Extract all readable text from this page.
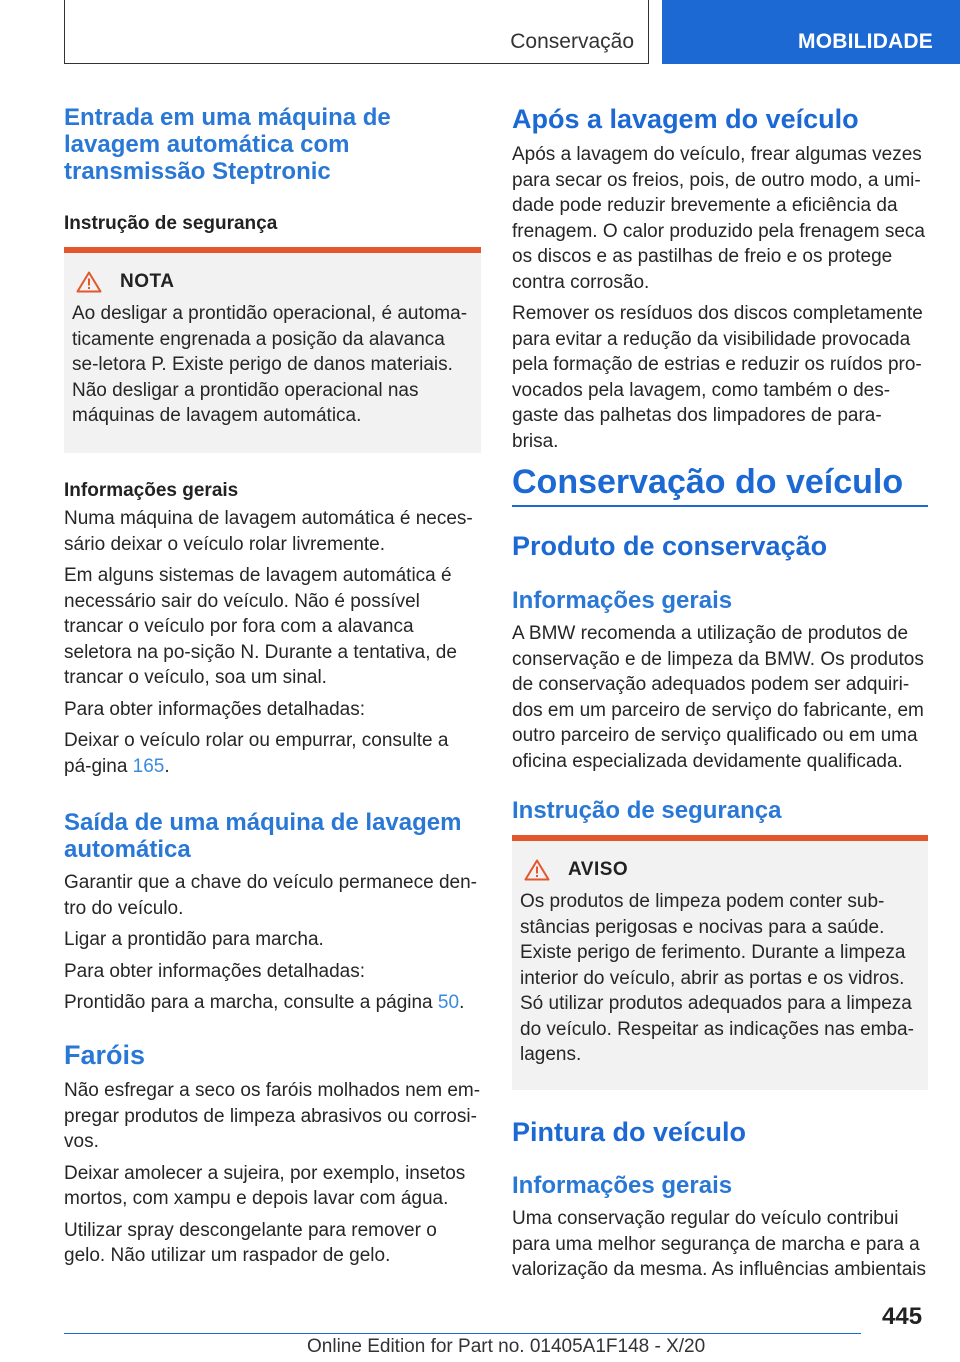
Conservação	MOBILIDADE
Entrada em uma máquina de lavagem automática com transmissão Steptronic
Instrução de segurança
NOTA
Ao desligar a prontidão operacional, é automa-ticamente engrenada a posição da alavanca se-letora P. Existe perigo de danos materiais. Não desligar a prontidão operacional nas máquinas de lavagem automática.
Informações gerais
Numa máquina de lavagem automática é neces-sário deixar o veículo rolar livremente.
Em alguns sistemas de lavagem automática é necessário sair do veículo. Não é possível trancar o veículo por fora com a alavanca seletora na po-sição N. Durante a tentativa, de trancar o veículo, soa um sinal.
Para obter informações detalhadas:
Deixar o veículo rolar ou empurrar, consulte a pá-gina 165.
Saída de uma máquina de lavagem automática
Garantir que a chave do veículo permanece den-tro do veículo.
Ligar a prontidão para marcha.
Para obter informações detalhadas:
Prontidão para a marcha, consulte a página 50.
Faróis
Não esfregar a seco os faróis molhados nem em-pregar produtos de limpeza abrasivos ou corrosi-vos.
Deixar amolecer a sujeira, por exemplo, insetos mortos, com xampu e depois lavar com água.
Utilizar spray descongelante para remover o gelo. Não utilizar um raspador de gelo.
Após a lavagem do veículo
Após a lavagem do veículo, frear algumas vezes para secar os freios, pois, de outro modo, a umi-dade pode reduzir brevemente a eficiência da frenagem. O calor produzido pela frenagem seca os discos e as pastilhas de freio e os protege contra corrosão.
Remover os resíduos dos discos completamente para evitar a redução da visibilidade provocada pela formação de estrias e reduzir os ruídos pro-vocados pela lavagem, como também o des-gaste das palhetas dos limpadores de para-brisa.
Conservação do veículo
Produto de conservação
Informações gerais
A BMW recomenda a utilização de produtos de conservação e de limpeza da BMW. Os produtos de conservação adequados podem ser adquiri-dos em um parceiro de serviço do fabricante, em outro parceiro de serviço qualificado ou em uma oficina especializada devidamente qualificada.
Instrução de segurança
AVISO
Os produtos de limpeza podem conter sub-stâncias perigosas e nocivas para a saúde. Existe perigo de ferimento. Durante a limpeza interior do veículo, abrir as portas e os vidros. Só utilizar produtos adequados para a limpeza do veículo. Respeitar as indicações nas emba-lagens.
Pintura do veículo
Informações gerais
Uma conservação regular do veículo contribui para uma melhor segurança de marcha e para a valorização da mesma. As influências ambientais
445
Online Edition for Part no. 01405A1F148 - X/20
